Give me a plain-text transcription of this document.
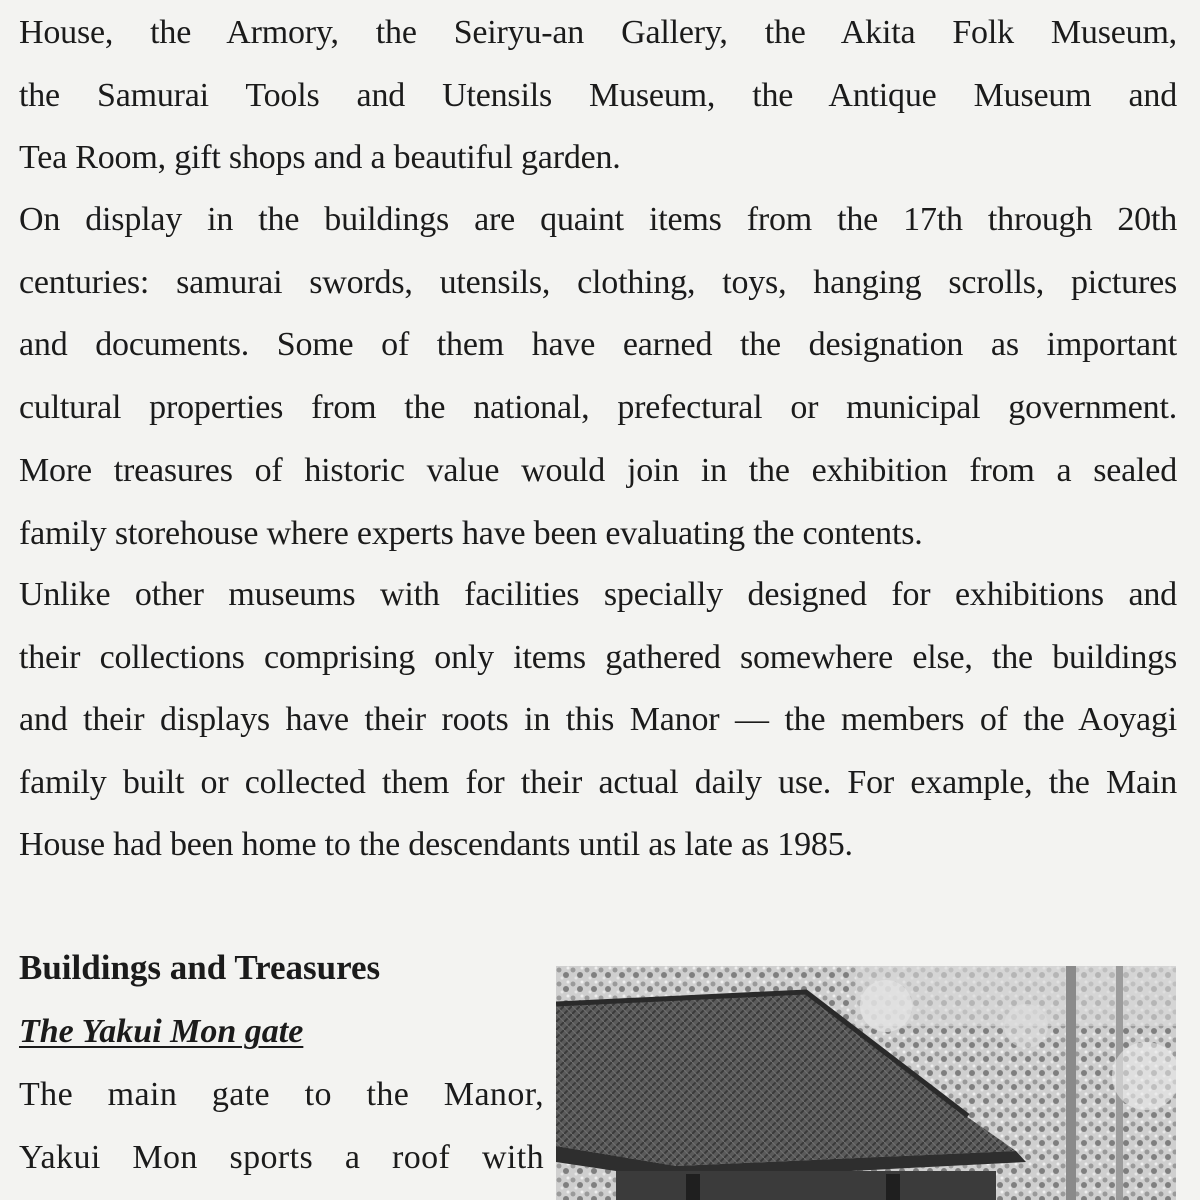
House, the Armory, the Seiryu-an Gallery, the Akita Folk Museum,
the Samurai Tools and Utensils Museum, the Antique Museum and
Tea Room, gift shops and a beautiful garden.

On display in the buildings are quaint items from the 17th through 20th
centuries: samurai swords, utensils, clothing, toys, hanging scrolls, pictures
and documents. Some of them have earned the designation as important
cultural properties from the national, prefectural or municipal government.

More treasures of historic value would join in the exhibition from a sealed
family storehouse where experts have been evaluating the contents.

Unlike other museums with facilities specially designed for exhibitions and
their collections comprising only items gathered somewhere else, the buildings
and their displays have their roots in this Manor — the members of the Aoyagi
family built or collected them for their actual daily use. For example, the Main
House had been home to the descendants until as late as 1985.

Buildings and Treasures
The Yakui Mon gate

The main gate to the Manor,
Yakui Mon sports a roof with
